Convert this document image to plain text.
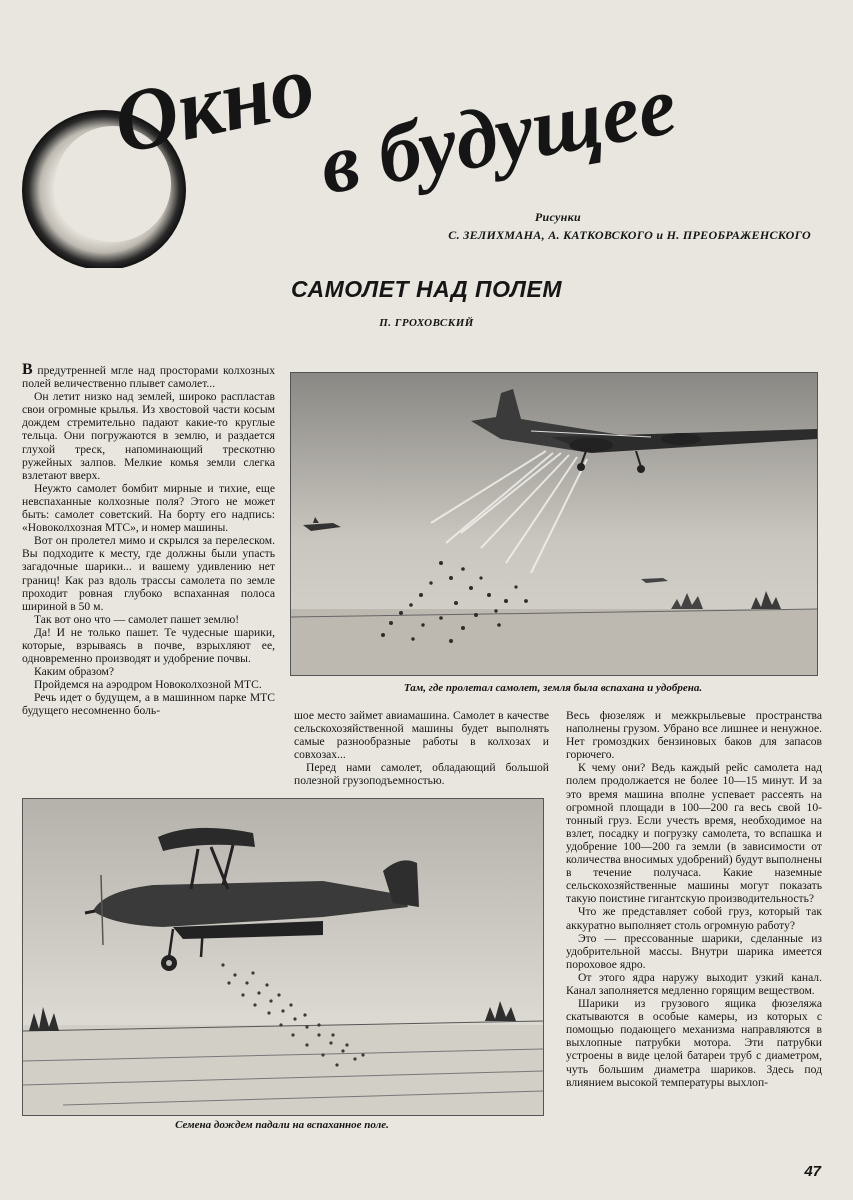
Окно
в будущее
Рисунки
С. ЗЕЛИХМАНА, А. КАТКОВСКОГО и Н. ПРЕОБРАЖЕНСКОГО
САМОЛЕТ НАД ПОЛЕМ
П. ГРОХОВСКИЙ

В предутренней мгле над просторами колхозных полей величественно плывет самолет...

Он летит низко над землей, широко распластав свои огромные крылья. Из хвостовой части косым дождем стремительно падают какие-то круглые тельца. Они погружаются в землю, и раздается глухой треск, напоминающий трескотню ружейных залпов. Мелкие комья земли слегка взлетают вверх.

Неужто самолет бомбит мирные и тихие, еще невспаханные колхозные поля? Этого не может быть: самолет советский. На борту его надпись: «Новоколхозная МТС», и номер машины.

Вот он пролетел мимо и скрылся за перелеском. Вы подходите к месту, где должны были упасть загадочные шарики... и вашему удивлению нет границ! Как раз вдоль трассы самолета по земле проходит ровная глубоко вспаханная полоса шириной в 50 м.

Так вот оно что — самолет пашет землю!

Да! И не только пашет. Те чудесные шарики, которые, взрываясь в почве, взрыхляют ее, одновременно производят и удобрение почвы.

Каким образом?

Пройдемся на аэродром Новоколхозной МТС.

Речь идет о будущем, а в машинном парке МТС будущего несомненно боль-

Там, где пролетал самолет, земля была вспахана и удобрена.

шое место займет авиамашина. Самолет в качестве сельскохозяйственной машины будет выполнять самые разнообразные работы в колхозах и совхозах...

Перед нами самолет, обладающий большой полезной грузоподъемностью.

Весь фюзеляж и межкрыльевые пространства наполнены грузом. Убрано все лишнее и ненужное. Нет громоздких бензиновых баков для запасов горючего.

К чему они? Ведь каждый рейс самолета над полем продолжается не более 10—15 минут. И за это время машина вполне успевает рассеять на огромной площади в 100—200 га весь свой 10-тонный груз. Если учесть время, необходимое на взлет, посадку и погрузку самолета, то вспашка и удобрение 100—200 га земли (в зависимости от количества вносимых удобрений) будут выполнены в течение получаса. Какие наземные сельскохозяйственные машины могут показать такую поистине гигантскую производительность?

Что же представляет собой груз, который так аккуратно выполняет столь огромную работу?

Это — прессованные шарики, сделанные из удобрительной массы. Внутри шарика имеется пороховое ядро.

От этого ядра наружу выходит узкий канал. Канал заполняется медленно горящим веществом.

Шарики из грузового ящика фюзеляжа скатываются в особые камеры, из которых с помощью подающего механизма направляются в выхлопные патрубки мотора. Эти патрубки устроены в виде целой батареи труб с диаметром, чуть большим диаметра шариков. Здесь под влиянием высокой температуры выхлоп-

Семена дождем падали на вспаханное поле.
47
